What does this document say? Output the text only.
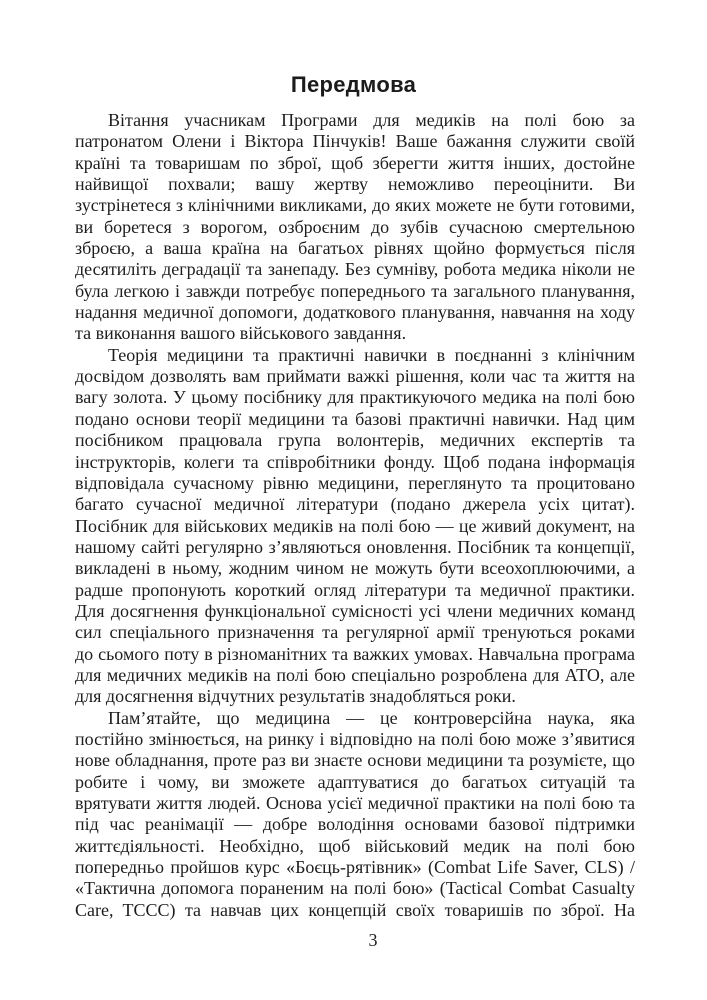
Передмова
Вітання учасникам Програми для медиків на полі бою за
патронатом Олени і Віктора Пінчуків! Ваше бажання служити своїй
країні та товаришам по зброї, щоб зберегти життя інших, достойне
найвищої похвали; вашу жертву неможливо переоцінити. Ви
зустрінетеся з клінічними викликами, до яких можете не бути готовими,
ви боретеся з ворогом, озброєним до зубів сучасною смертельною
зброєю, а ваша країна на багатьох рівнях щойно формується після
десятиліть деградації та занепаду. Без сумніву, робота медика ніколи не
була легкою і завжди потребує попереднього та загального планування,
надання медичної допомоги, додаткового планування, навчання на ходу
та виконання вашого військового завдання.
Теорія медицини та практичні навички в поєднанні з клінічним
досвідом дозволять вам приймати важкі рішення, коли час та життя на
вагу золота. У цьому посібнику для практикуючого медика на полі бою
подано основи теорії медицини та базові практичні навички. Над цим
посібником працювала група волонтерів, медичних експертів та
інструкторів, колеги та співробітники фонду. Щоб подана інформація
відповідала сучасному рівню медицини, переглянуто та процитовано
багато сучасної медичної літератури (подано джерела усіх цитат).
Посібник для військових медиків на полі бою — це живий документ, на
нашому сайті регулярно з’являються оновлення. Посібник та концепції,
викладені в ньому, жодним чином не можуть бути всеохоплюючими, а
радше пропонують короткий огляд літератури та медичної практики.
Для досягнення функціональної сумісності усі члени медичних команд
сил спеціального призначення та регулярної армії тренуються роками
до сьомого поту в різноманітних та важких умовах. Навчальна програма
для медичних медиків на полі бою спеціально розроблена для АТО, але
для досягнення відчутних результатів знадобляться роки.
Пам’ятайте, що медицина — це контроверсійна наука, яка
постійно змінюється, на ринку і відповідно на полі бою може з’явитися
нове обладнання, проте раз ви знаєте основи медицини та розумієте, що
робите і чому, ви зможете адаптуватися до багатьох ситуацій та
врятувати життя людей. Основа усієї медичної практики на полі бою та
під час реанімації — добре володіння основами базової підтримки
життєдіяльності. Необхідно, щоб військовий медик на полі бою
попередньо пройшов курс «Боєць-рятівник» (Combat Life Saver, CLS) /
«Тактична допомога пораненим на полі бою» (Tactical Combat Casualty
Care, TCCC) та навчав цих концепцій своїх товаришів по зброї. На
3
